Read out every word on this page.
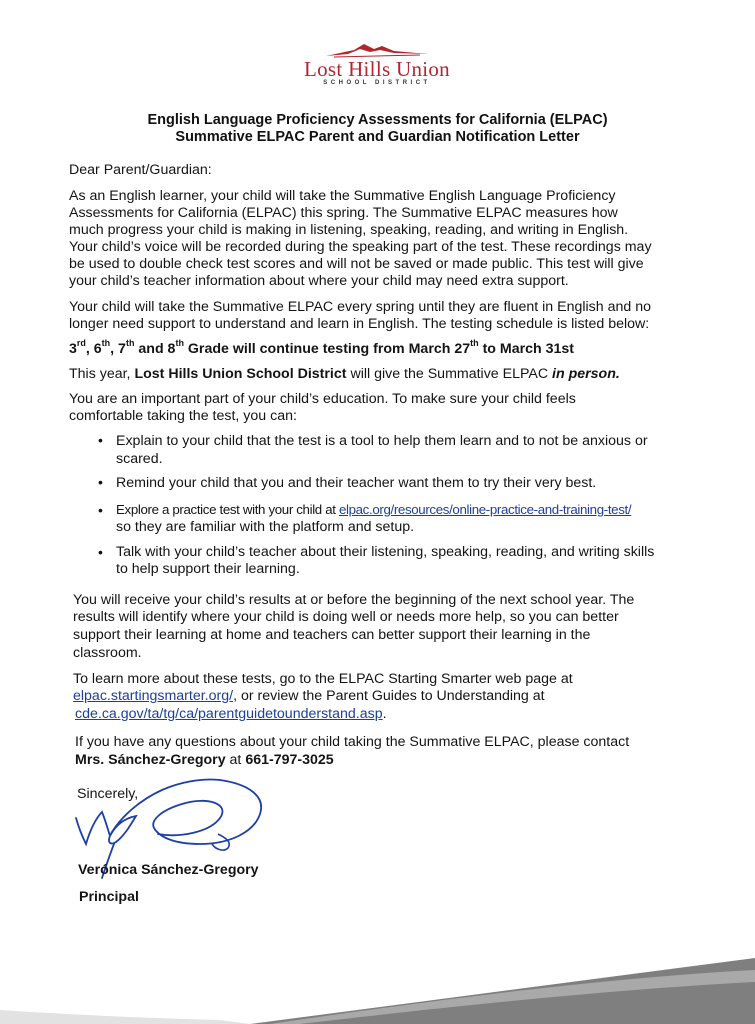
Lost Hills Union
SCHOOL DISTRICT
English Language Proficiency Assessments for California (ELPAC)
Summative ELPAC Parent and Guardian Notification Letter
Dear Parent/Guardian:
As an English learner, your child will take the Summative English Language Proficiency
Assessments for California (ELPAC) this spring. The Summative ELPAC measures how
much progress your child is making in listening, speaking, reading, and writing in English.
Your child’s voice will be recorded during the speaking part of the test. These recordings may
be used to double check test scores and will not be saved or made public. This test will give
your child’s teacher information about where your child may need extra support.
Your child will take the Summative ELPAC every spring until they are fluent in English and no
longer need support to understand and learn in English. The testing schedule is listed below:
3rd, 6th, 7th and 8th Grade will continue testing from March 27th to March 31st
This year, Lost Hills Union School District will give the Summative ELPAC in person.
You are an important part of your child’s education. To make sure your child feels
comfortable taking the test, you can:
• Explain to your child that the test is a tool to help them learn and to not be anxious or
scared.
• Remind your child that you and their teacher want them to try their very best.
• Explore a practice test with your child at elpac.org/resources/online-practice-and-training-test/
so they are familiar with the platform and setup.
• Talk with your child’s teacher about their listening, speaking, reading, and writing skills
to help support their learning.
You will receive your child’s results at or before the beginning of the next school year. The
results will identify where your child is doing well or needs more help, so you can better
support their learning at home and teachers can better support their learning in the
classroom.
To learn more about these tests, go to the ELPAC Starting Smarter web page at
elpac.startingsmarter.org/, or review the Parent Guides to Understanding at
cde.ca.gov/ta/tg/ca/parentguidetounderstand.asp.
If you have any questions about your child taking the Summative ELPAC, please contact
Mrs. Sánchez-Gregory at 661-797-3025
Sincerely,
Verónica Sánchez-Gregory
Principal
